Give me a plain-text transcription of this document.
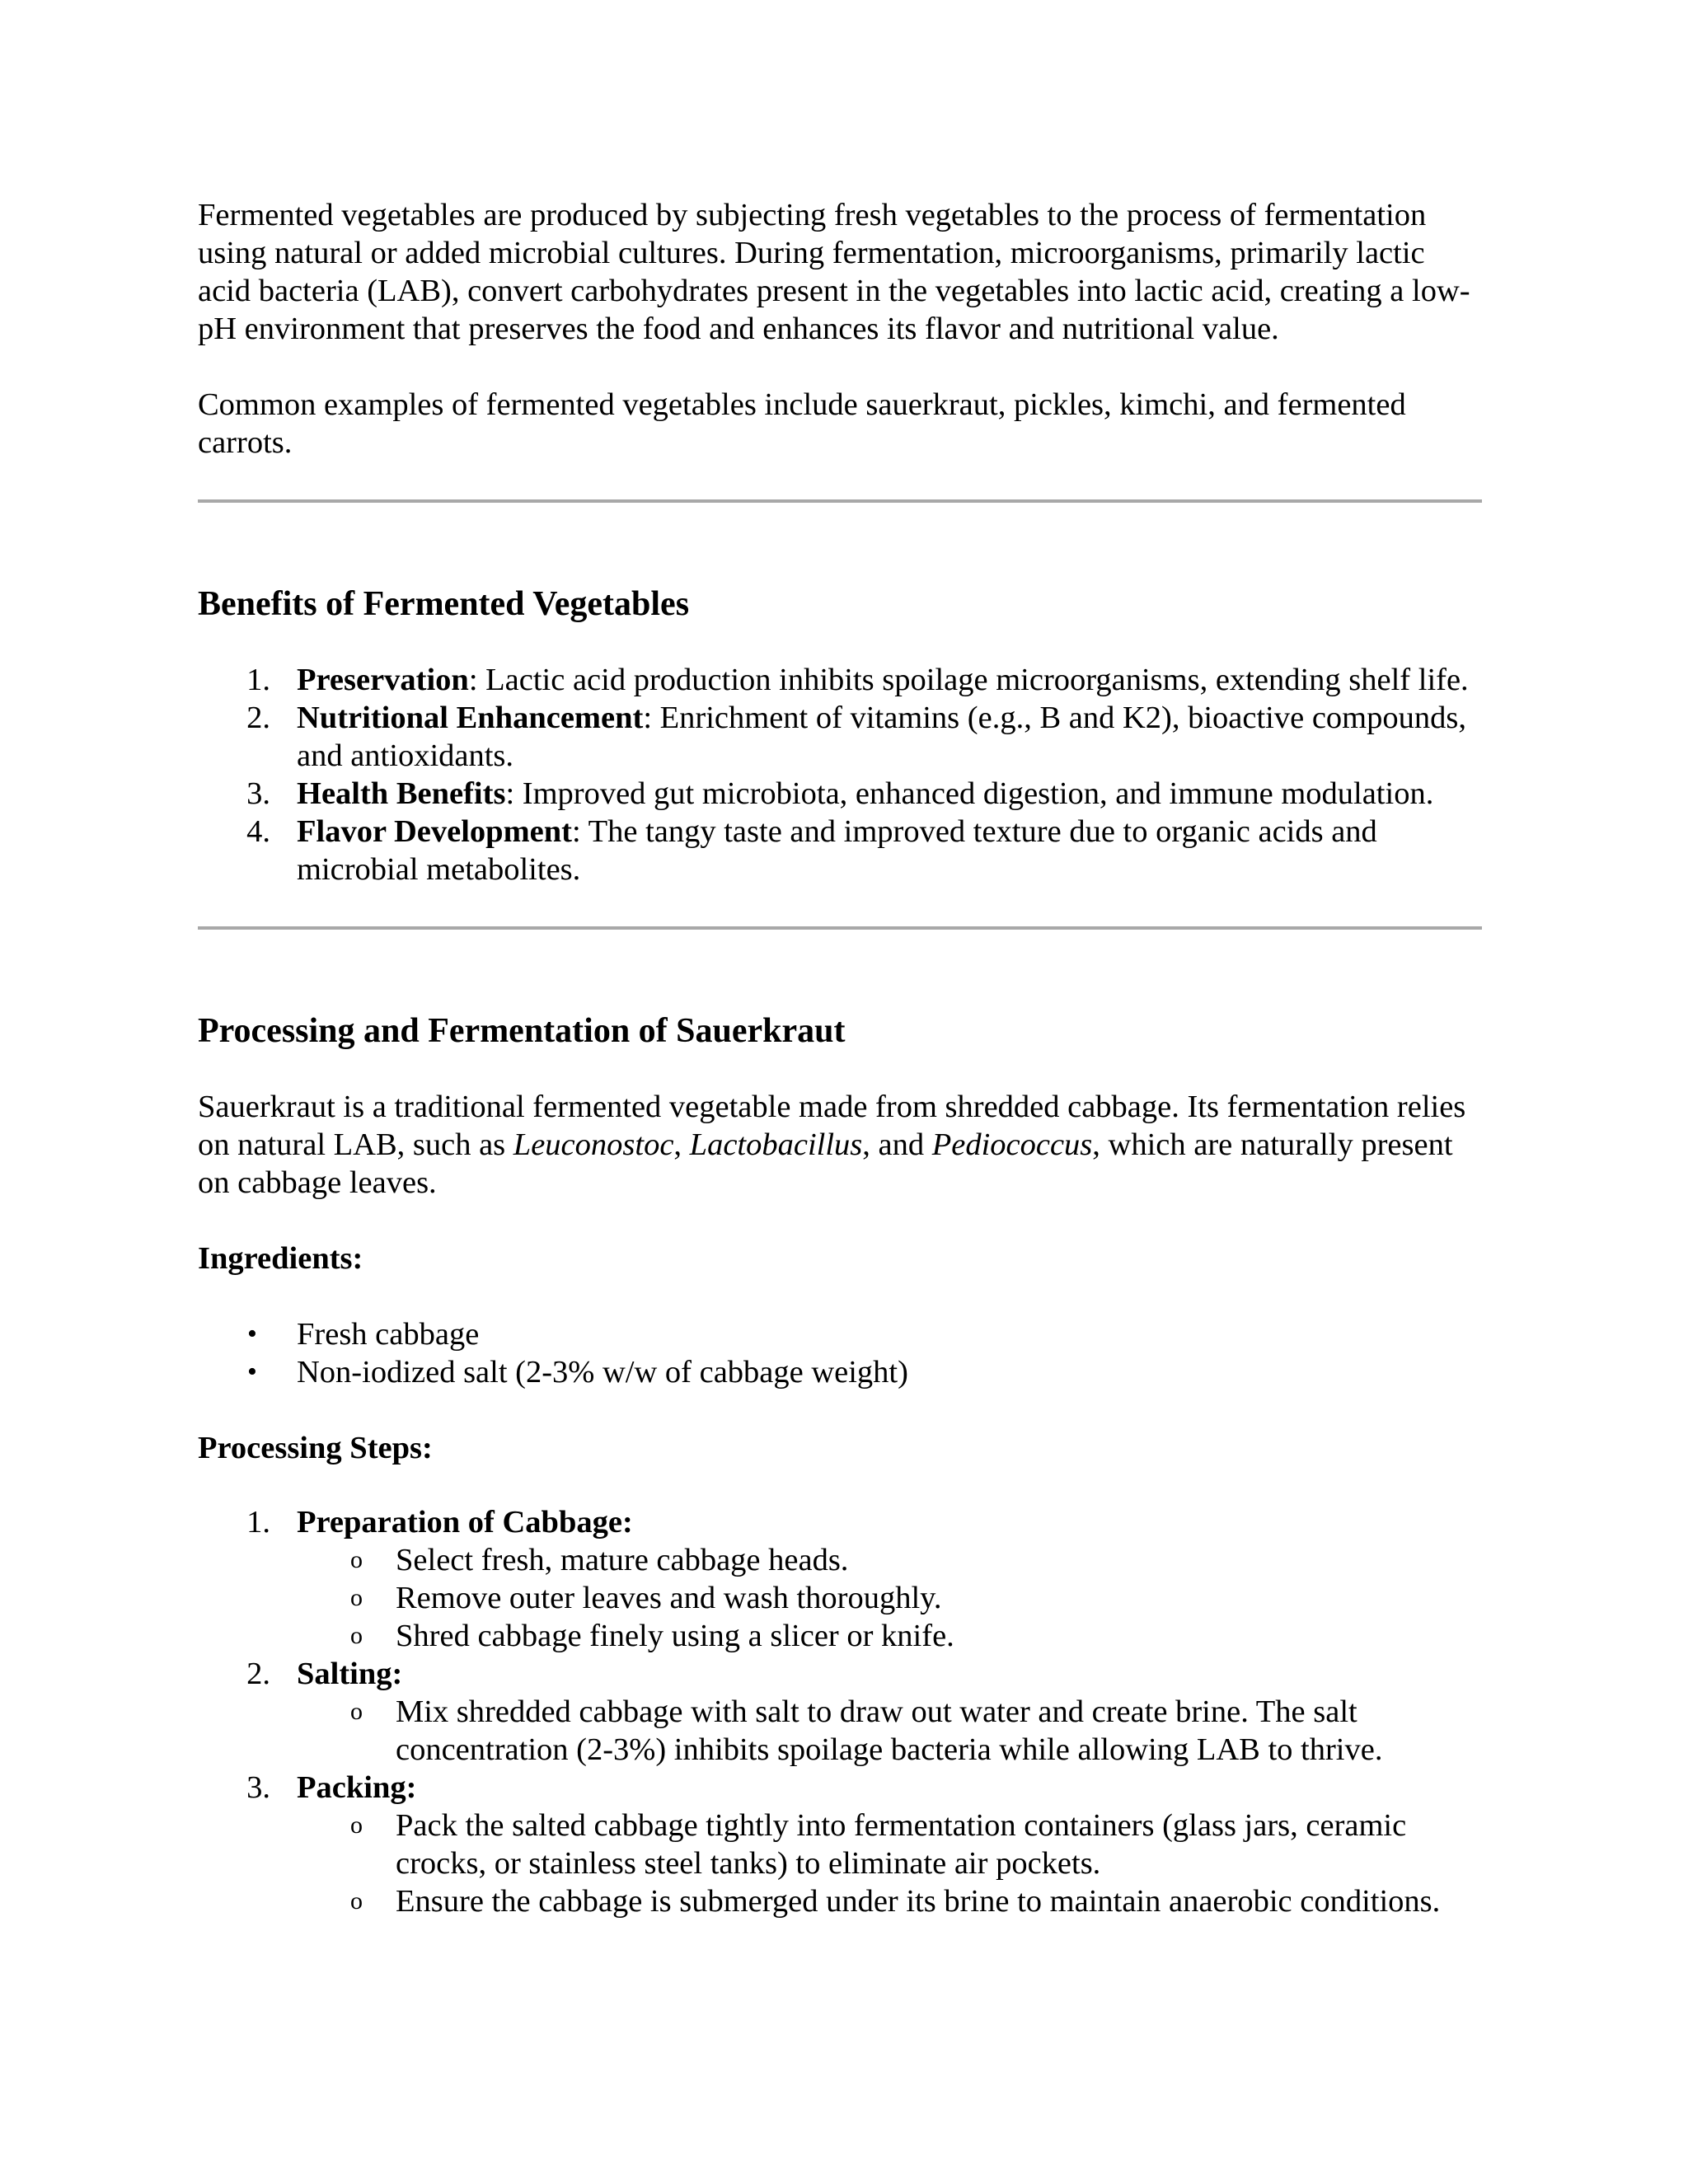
Fermented vegetables are produced by subjecting fresh vegetables to the process of fermentation using natural or added microbial cultures. During fermentation, microorganisms, primarily lactic acid bacteria (LAB), convert carbohydrates present in the vegetables into lactic acid, creating a low-pH environment that preserves the food and enhances its flavor and nutritional value.

Common examples of fermented vegetables include sauerkraut, pickles, kimchi, and fermented carrots.

Benefits of Fermented Vegetables
1. Preservation: Lactic acid production inhibits spoilage microorganisms, extending shelf life.
2. Nutritional Enhancement: Enrichment of vitamins (e.g., B and K2), bioactive compounds, and antioxidants.
3. Health Benefits: Improved gut microbiota, enhanced digestion, and immune modulation.
4. Flavor Development: The tangy taste and improved texture due to organic acids and microbial metabolites.
Processing and Fermentation of Sauerkraut

Sauerkraut is a traditional fermented vegetable made from shredded cabbage. Its fermentation relies on natural LAB, such as Leuconostoc, Lactobacillus, and Pediococcus, which are naturally present on cabbage leaves.

Ingredients:

•	Fresh cabbage
•	Non-iodized salt (2-3% w/w of cabbage weight)

Processing Steps:

1. Preparation of Cabbage:
o Select fresh, mature cabbage heads.
o Remove outer leaves and wash thoroughly.
o Shred cabbage finely using a slicer or knife.
2. Salting:
o Mix shredded cabbage with salt to draw out water and create brine. The salt concentration (2-3%) inhibits spoilage bacteria while allowing LAB to thrive.
3. Packing:
o Pack the salted cabbage tightly into fermentation containers (glass jars, ceramic crocks, or stainless steel tanks) to eliminate air pockets.
o Ensure the cabbage is submerged under its brine to maintain anaerobic conditions.
